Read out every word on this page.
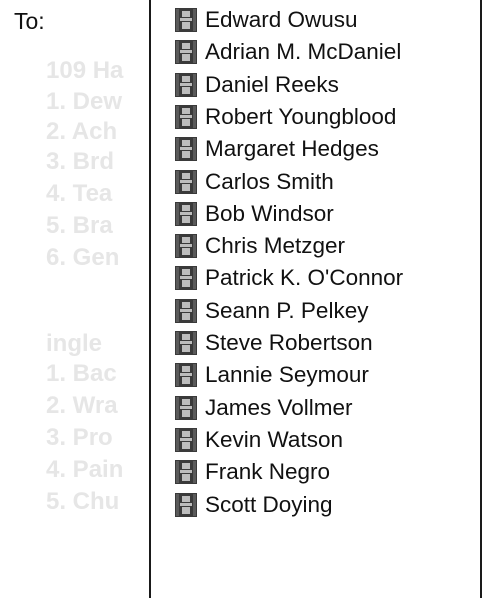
109 Ha
1. Dew
2. Ach
3. Brd
4. Tea
5. Bra
6. Gen
ingle
1. Bac
2. Wra
3. Pro
4. Pain
5. Chu
To:	Edward Owusu
Adrian M. McDaniel
Daniel Reeks
Robert Youngblood
Margaret Hedges
Carlos Smith
Bob Windsor
Chris Metzger
Patrick K. O'Connor
Seann P. Pelkey
Steve Robertson
Lannie Seymour
James Vollmer
Kevin Watson
Frank Negro
Scott Doying
